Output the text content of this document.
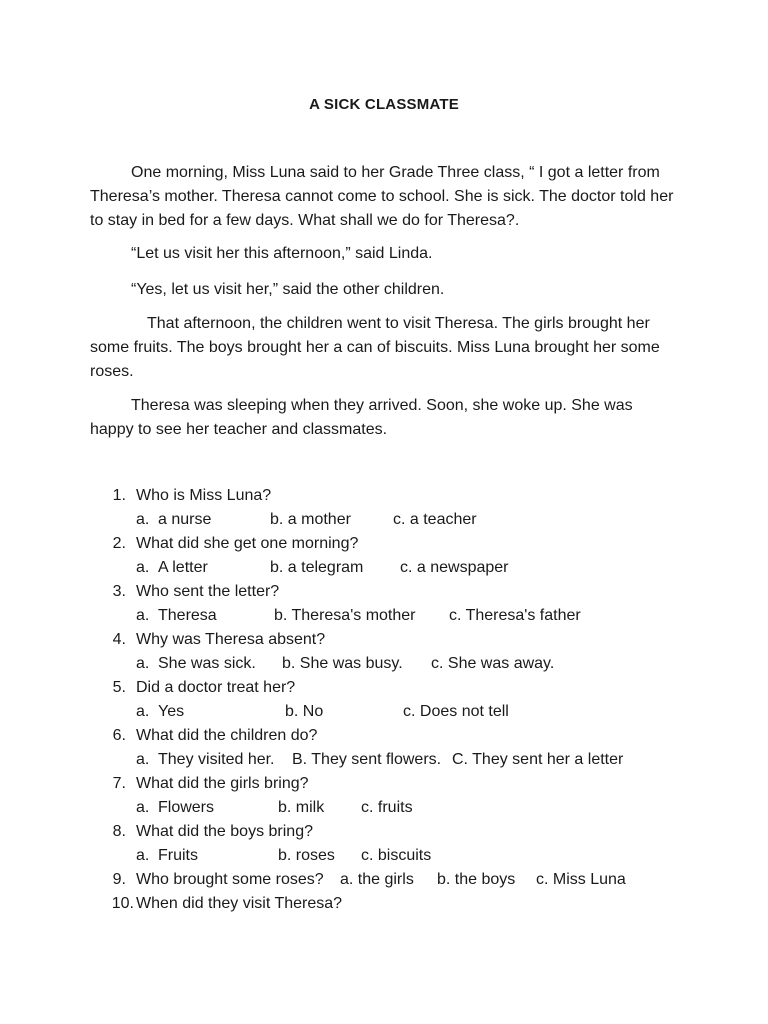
A SICK CLASSMATE

One morning, Miss Luna said to her Grade Three class, “ I got a letter from Theresa’s mother. Theresa cannot come to school. She is sick. The doctor told her to stay in bed for a few days. What shall we do for Theresa?.

“Let us visit her this afternoon,” said Linda.

“Yes, let us visit her,” said the other children.

That afternoon, the children went to visit Theresa. The girls brought her some fruits. The boys brought her a can of biscuits. Miss Luna brought her some roses.

Theresa was sleeping when they arrived. Soon, she woke up. She was happy to see her teacher and classmates.

1. Who is Miss Luna?
a. a nurse	b. a mother	c. a teacher
2. What did she get one morning?
a. A letter	b. a telegram c. a newspaper
3. Who sent the letter?
a. Theresa	b. Theresa's mother c. Theresa's father
4. Why was Theresa absent?
a. She was sick. b. She was busy. c. She was away.
5. Did a doctor treat her?
a. Yes	b. No	c. Does not tell
6. What did the children do?
a. They visited her. B. They sent flowers. C. They sent her a letter
7. What did the girls bring?
a. Flowers	b. milk c. fruits
8. What did the boys bring?
a. Fruits	b. roses c. biscuits
9. Who brought some roses? a. the girls b. the boys c. Miss Luna
10. When did they visit Theresa?
